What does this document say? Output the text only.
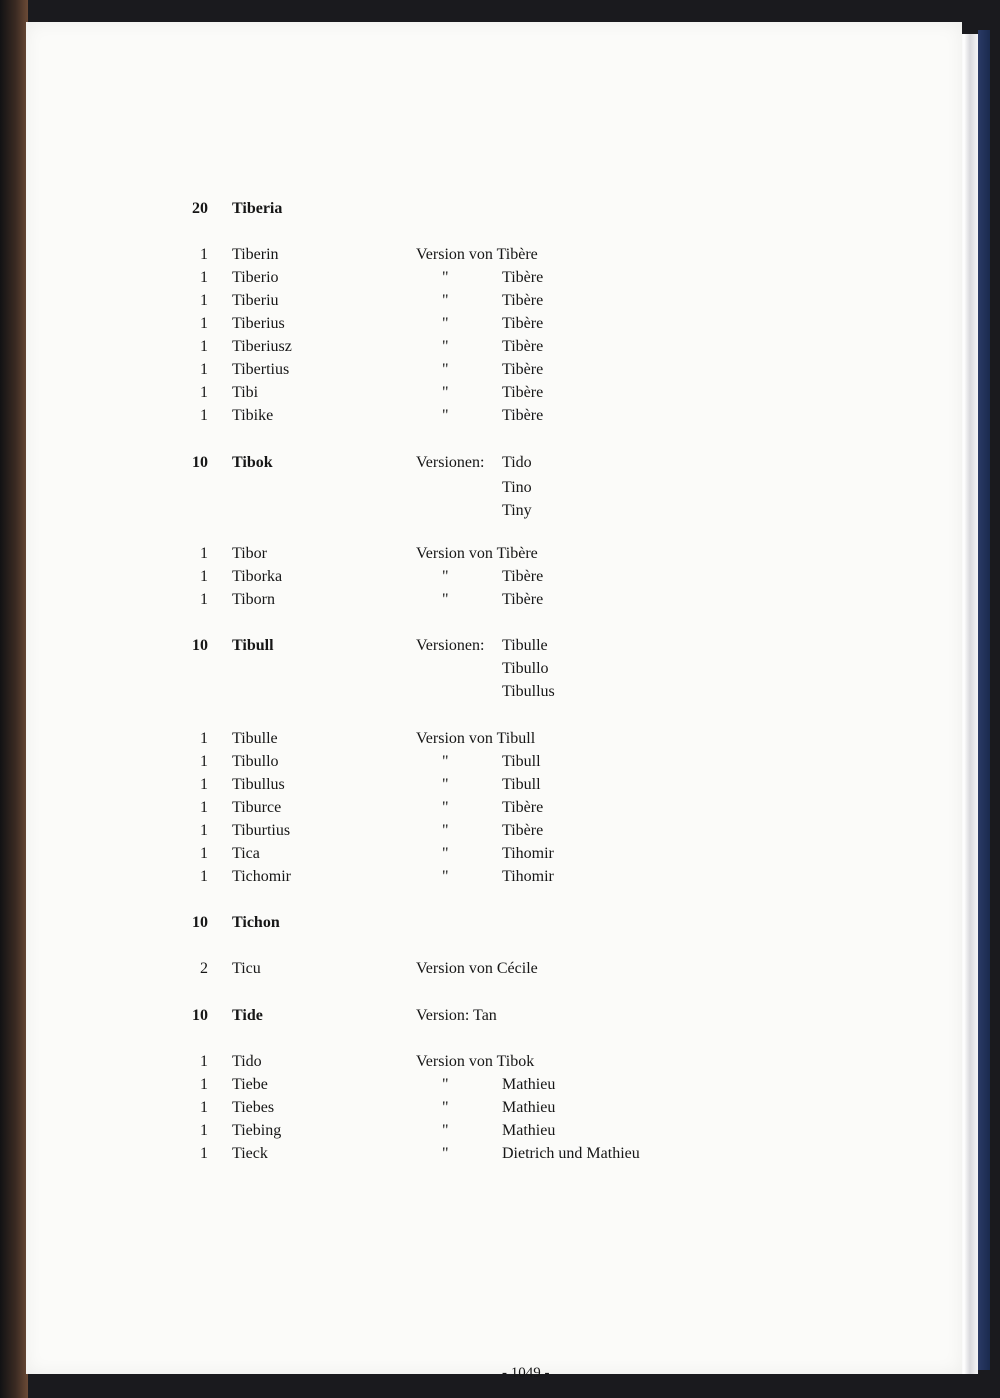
20 Tiberia
1 Tiberin	Version von Tibère
1 Tiberio	"	Tibère
1 Tiberiu	"	Tibère
1 Tiberius	"	Tibère
1 Tiberiusz	"	Tibère
1 Tibertius	"	Tibère
1 Tibi	"	Tibère
1 Tibike	"	Tibère
10 Tibok	Versionen: Tido
Tino
Tiny
1 Tibor	Version von Tibère
1 Tiborka	"	Tibère
1 Tiborn	"	Tibère
10 Tibull	Versionen: Tibulle
Tibullo
Tibullus
1 Tibulle	Version von Tibull
1 Tibullo	"	Tibull
1 Tibullus	"	Tibull
1 Tiburce	"	Tibère
1 Tiburtius	"	Tibère
1 Tica	"	Tihomir
1 Tichomir	"	Tihomir
10 Tichon
2 Ticu	Version von Cécile
10 Tide	Version: Tan
1 Tido	Version von Tibok
1 Tiebe	"	Mathieu
1 Tiebes	"	Mathieu
1 Tiebing	"	Mathieu
1 Tieck	"	Dietrich und Mathieu
- 1049 -
